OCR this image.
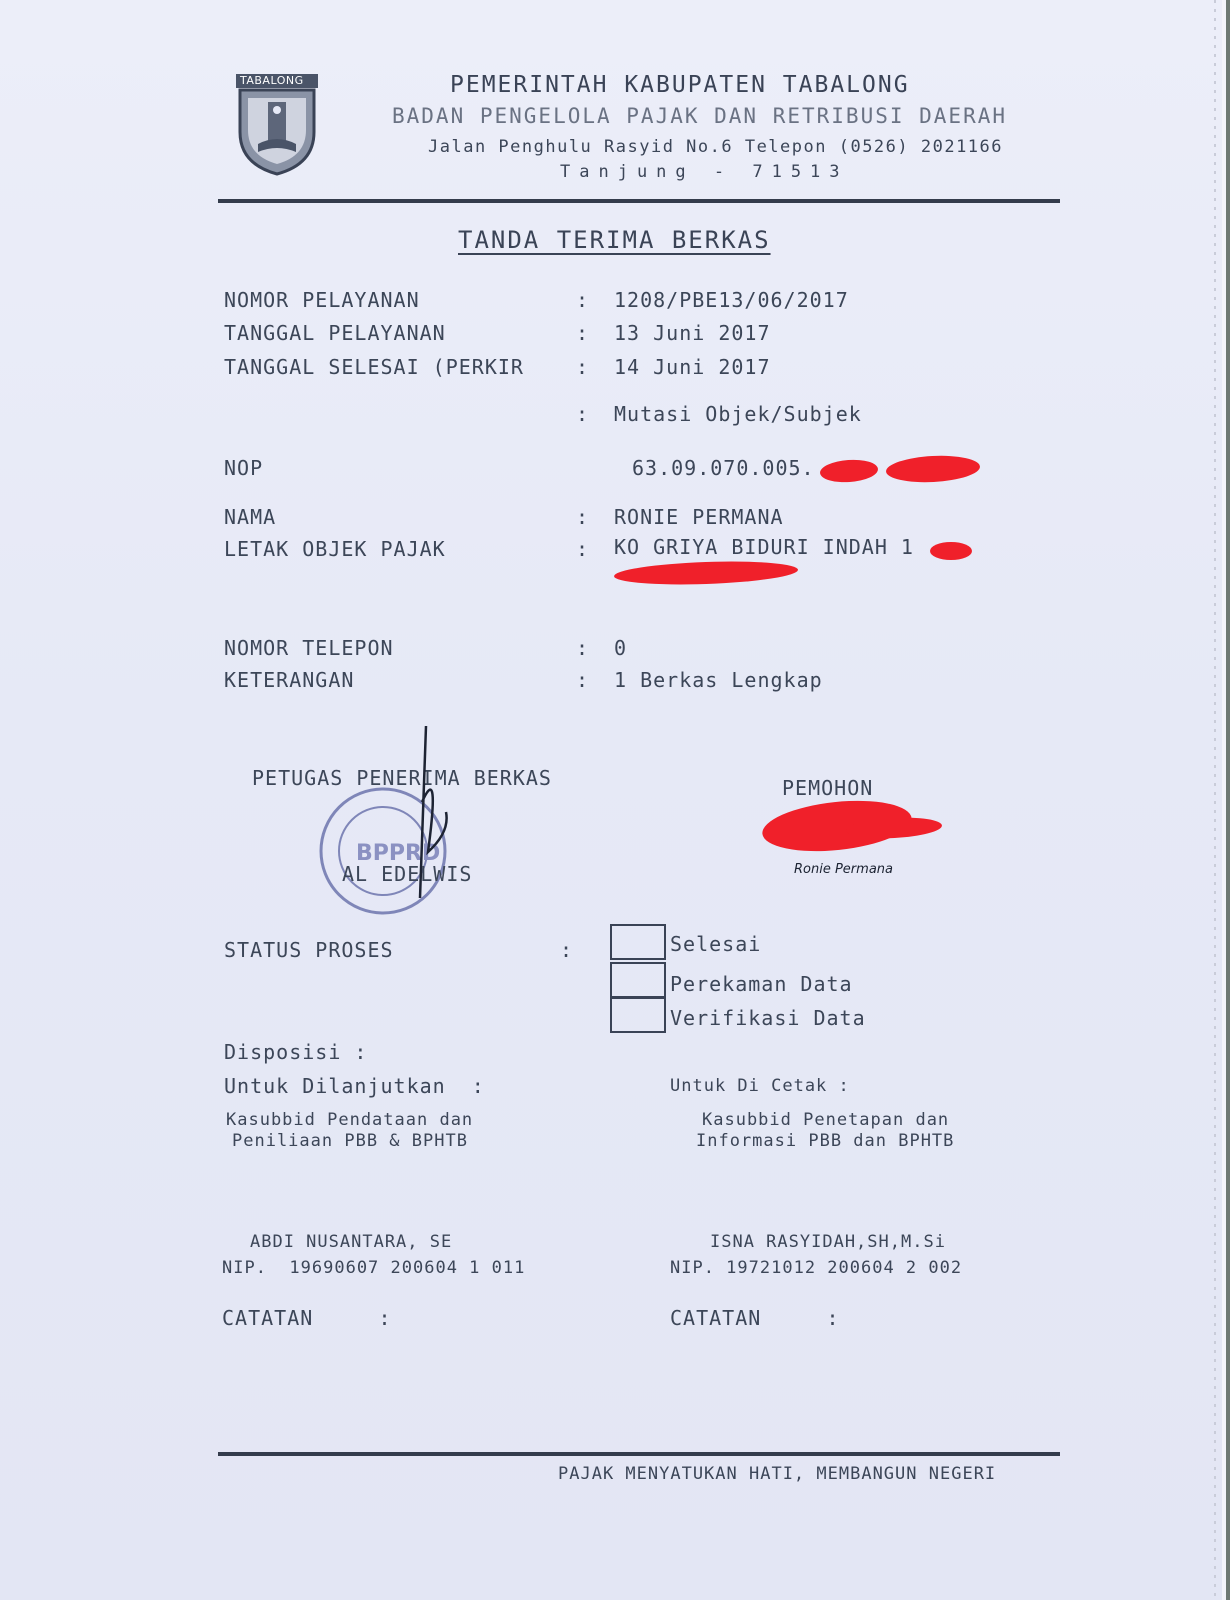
TABALONG	PEMERINTAH KABUPATEN TABALONG
BADAN PENGELOLA PAJAK DAN RETRIBUSI DAERAH
Jalan Penghulu Rasyid No.6 Telepon (0526) 2021166
Tanjung - 71513
TANDA TERIMA BERKAS
NOMOR PELAYANAN	: 1208/PBE13/06/2017
TANGGAL PELAYANAN	: 13 Juni 2017
TANGGAL SELESAI (PERKIR	: 14 Juni 2017
: Mutasi Objek/Subjek
NOP	63.09.070.005.
NAMA	: RONIE PERMANA
LETAK OBJEK PAJAK	: KO GRIYA BIDURI INDAH 1
NOMOR TELEPON	: 0
KETERANGAN	: 1 Berkas Lengkap
PETUGAS PENERIMA BERKAS
BPPRD
AL EDELWIS
PEMOHON
Ronie Permana
STATUS PROSES	:	Selesai
Perekaman Data
Verifikasi Data
Disposisi :
Untuk Dilanjutkan  :
Kasubbid Pendataan dan
Peniliaan PBB & BPHTB
Untuk Di Cetak :
Kasubbid Penetapan dan
Informasi PBB dan BPHTB
ABDI NUSANTARA, SE
NIP.  19690607 200604 1 011
ISNA RASYIDAH,SH,M.Si
NIP. 19721012 200604 2 002
CATATAN     :	CATATAN     :
PAJAK MENYATUKAN HATI, MEMBANGUN NEGERI
